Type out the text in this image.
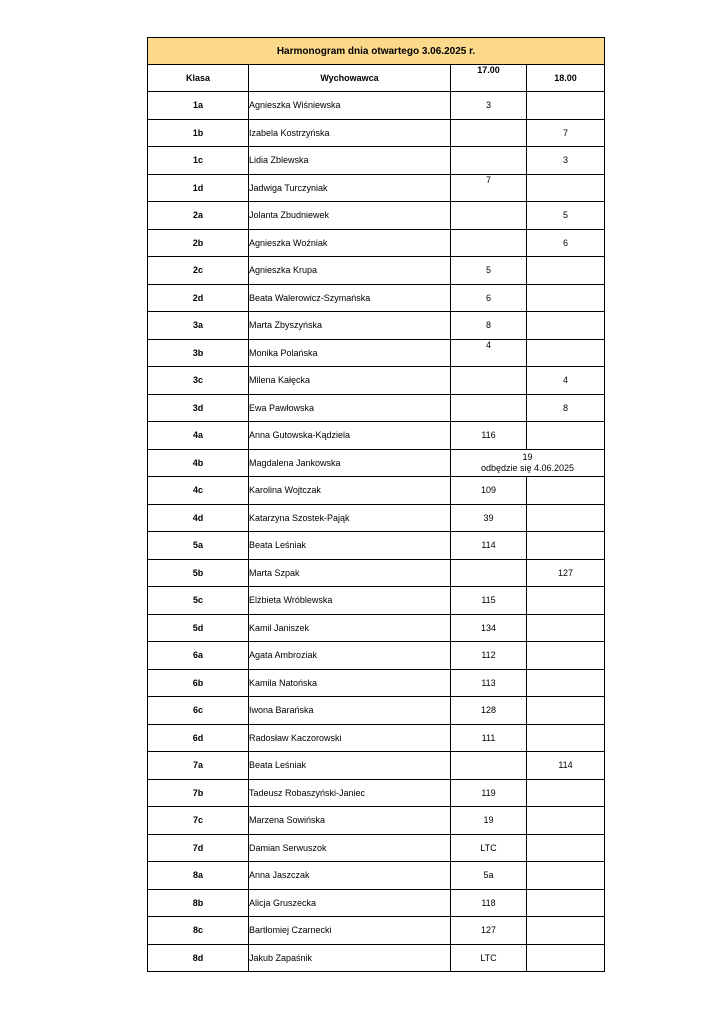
Harmonogram dnia otwartego 3.06.2025 r.			
Klasa	Wychowawca	17.00	18.00
1a	Agnieszka Wiśniewska	3	
1b	Izabela Kostrzyńska		7
1c	Lidia Zblewska		3
1d	Jadwiga Turczyniak	7	
2a	Jolanta Zbudniewek		5
2b	Agnieszka Woźniak		6
2c	Agnieszka Krupa	5	
2d	Beata Walerowicz-Szymańska	6	
3a	Marta Zbyszyńska	8	
3b	Monika Polańska	4	
3c	Milena Kałęcka		4
3d	Ewa Pawłowska		8
4a	Anna Gutowska-Kądziela	116	
4b	Magdalena Jankowska	19
odbędzie się 4.06.2025	

4c	Karolina Wojtczak	109	
4d	Katarzyna Szostek-Pająk	39	
5a	Beata Leśniak	114	
5b	Marta Szpak		127
5c	Elżbieta Wróblewska	115	
5d	Kamil Janiszek	134	
6a	Agata Ambroziak	112	
6b	Kamila Natońska	113	
6c	Iwona Barańska	128	
6d	Radosław Kaczorowski	111	
7a	Beata Leśniak		114
7b	Tadeusz Robaszyński-Janiec	119	
7c	Marzena Sowińska	19	
7d	Damian Serwuszok	LTC	
8a	Anna Jaszczak	5a	
8b	Alicja Gruszecka	118	
8c	Bartłomiej Czarnecki	127	
8d	Jakub Zapaśnik	LTC	
